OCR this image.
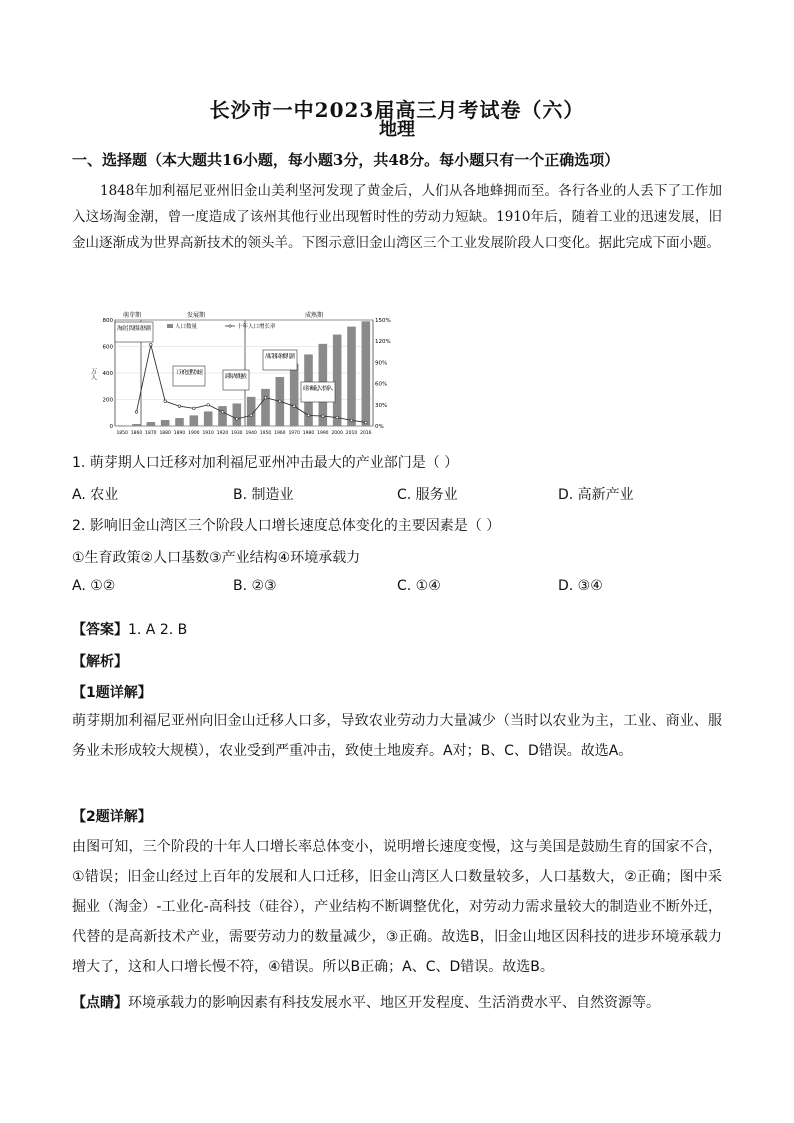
长沙市一中2023届高三月考试卷（六）
地理
一、选择题（本大题共16小题，每小题3分，共48分。每小题只有一个正确选项）
1848年加利福尼亚州旧金山美利坚河发现了黄金后，人们从各地蜂拥而至。各行各业的人丢下了工作加入这场淘金潮，曾一度造成了该州其他行业出现暂时性的劳动力短缺。1910年后，随着工业的迅速发展，旧金山逐渐成为世界高新技术的领头羊。下图示意旧金山湾区三个工业发展阶段人口变化。据此完成下面小题。
1850 1860 1870 1880 1890 1900 1910 1920 1930 1940 1950 1960 1970 1980 1990 2000 2010 2016
0
200
400
600
800
0%
30%
60%
90%
120%
150%
萌芽期	发展期	成熟期
人口数量	十年人口增长率
万人
淘金引发移民热潮
工业化进程加速
跨海大桥建成
战后移民和婴儿潮
硅谷崛起人才涌入
1. 萌芽期人口迁移对加利福尼亚州冲击最大的产业部门是（ ）
A. 农业	B. 制造业	C. 服务业	D. 高新产业
2. 影响旧金山湾区三个阶段人口增长速度总体变化的主要因素是（ ）
①生育政策②人口基数③产业结构④环境承载力
A. ①②	B. ②③	C. ①④	D. ③④
【答案】1. A 2. B
【解析】
【1题详解】
萌芽期加利福尼亚州向旧金山迁移人口多，导致农业劳动力大量减少（当时以农业为主，工业、商业、服务业未形成较大规模），农业受到严重冲击，致使土地废弃。A对；B、C、D错误。故选A。
【2题详解】
由图可知，三个阶段的十年人口增长率总体变小，说明增长速度变慢，这与美国是鼓励生育的国家不合，①错误；旧金山经过上百年的发展和人口迁移，旧金山湾区人口数量较多，人口基数大，②正确；图中采掘业（淘金）-工业化-高科技（硅谷），产业结构不断调整优化，对劳动力需求量较大的制造业不断外迁，代替的是高新技术产业，需要劳动力的数量减少，③正确。故选B，旧金山地区因科技的进步环境承载力增大了，这和人口增长慢不符，④错误。所以B正确；A、C、D错误。故选B。
【点睛】环境承载力的影响因素有科技发展水平、地区开发程度、生活消费水平、自然资源等。
